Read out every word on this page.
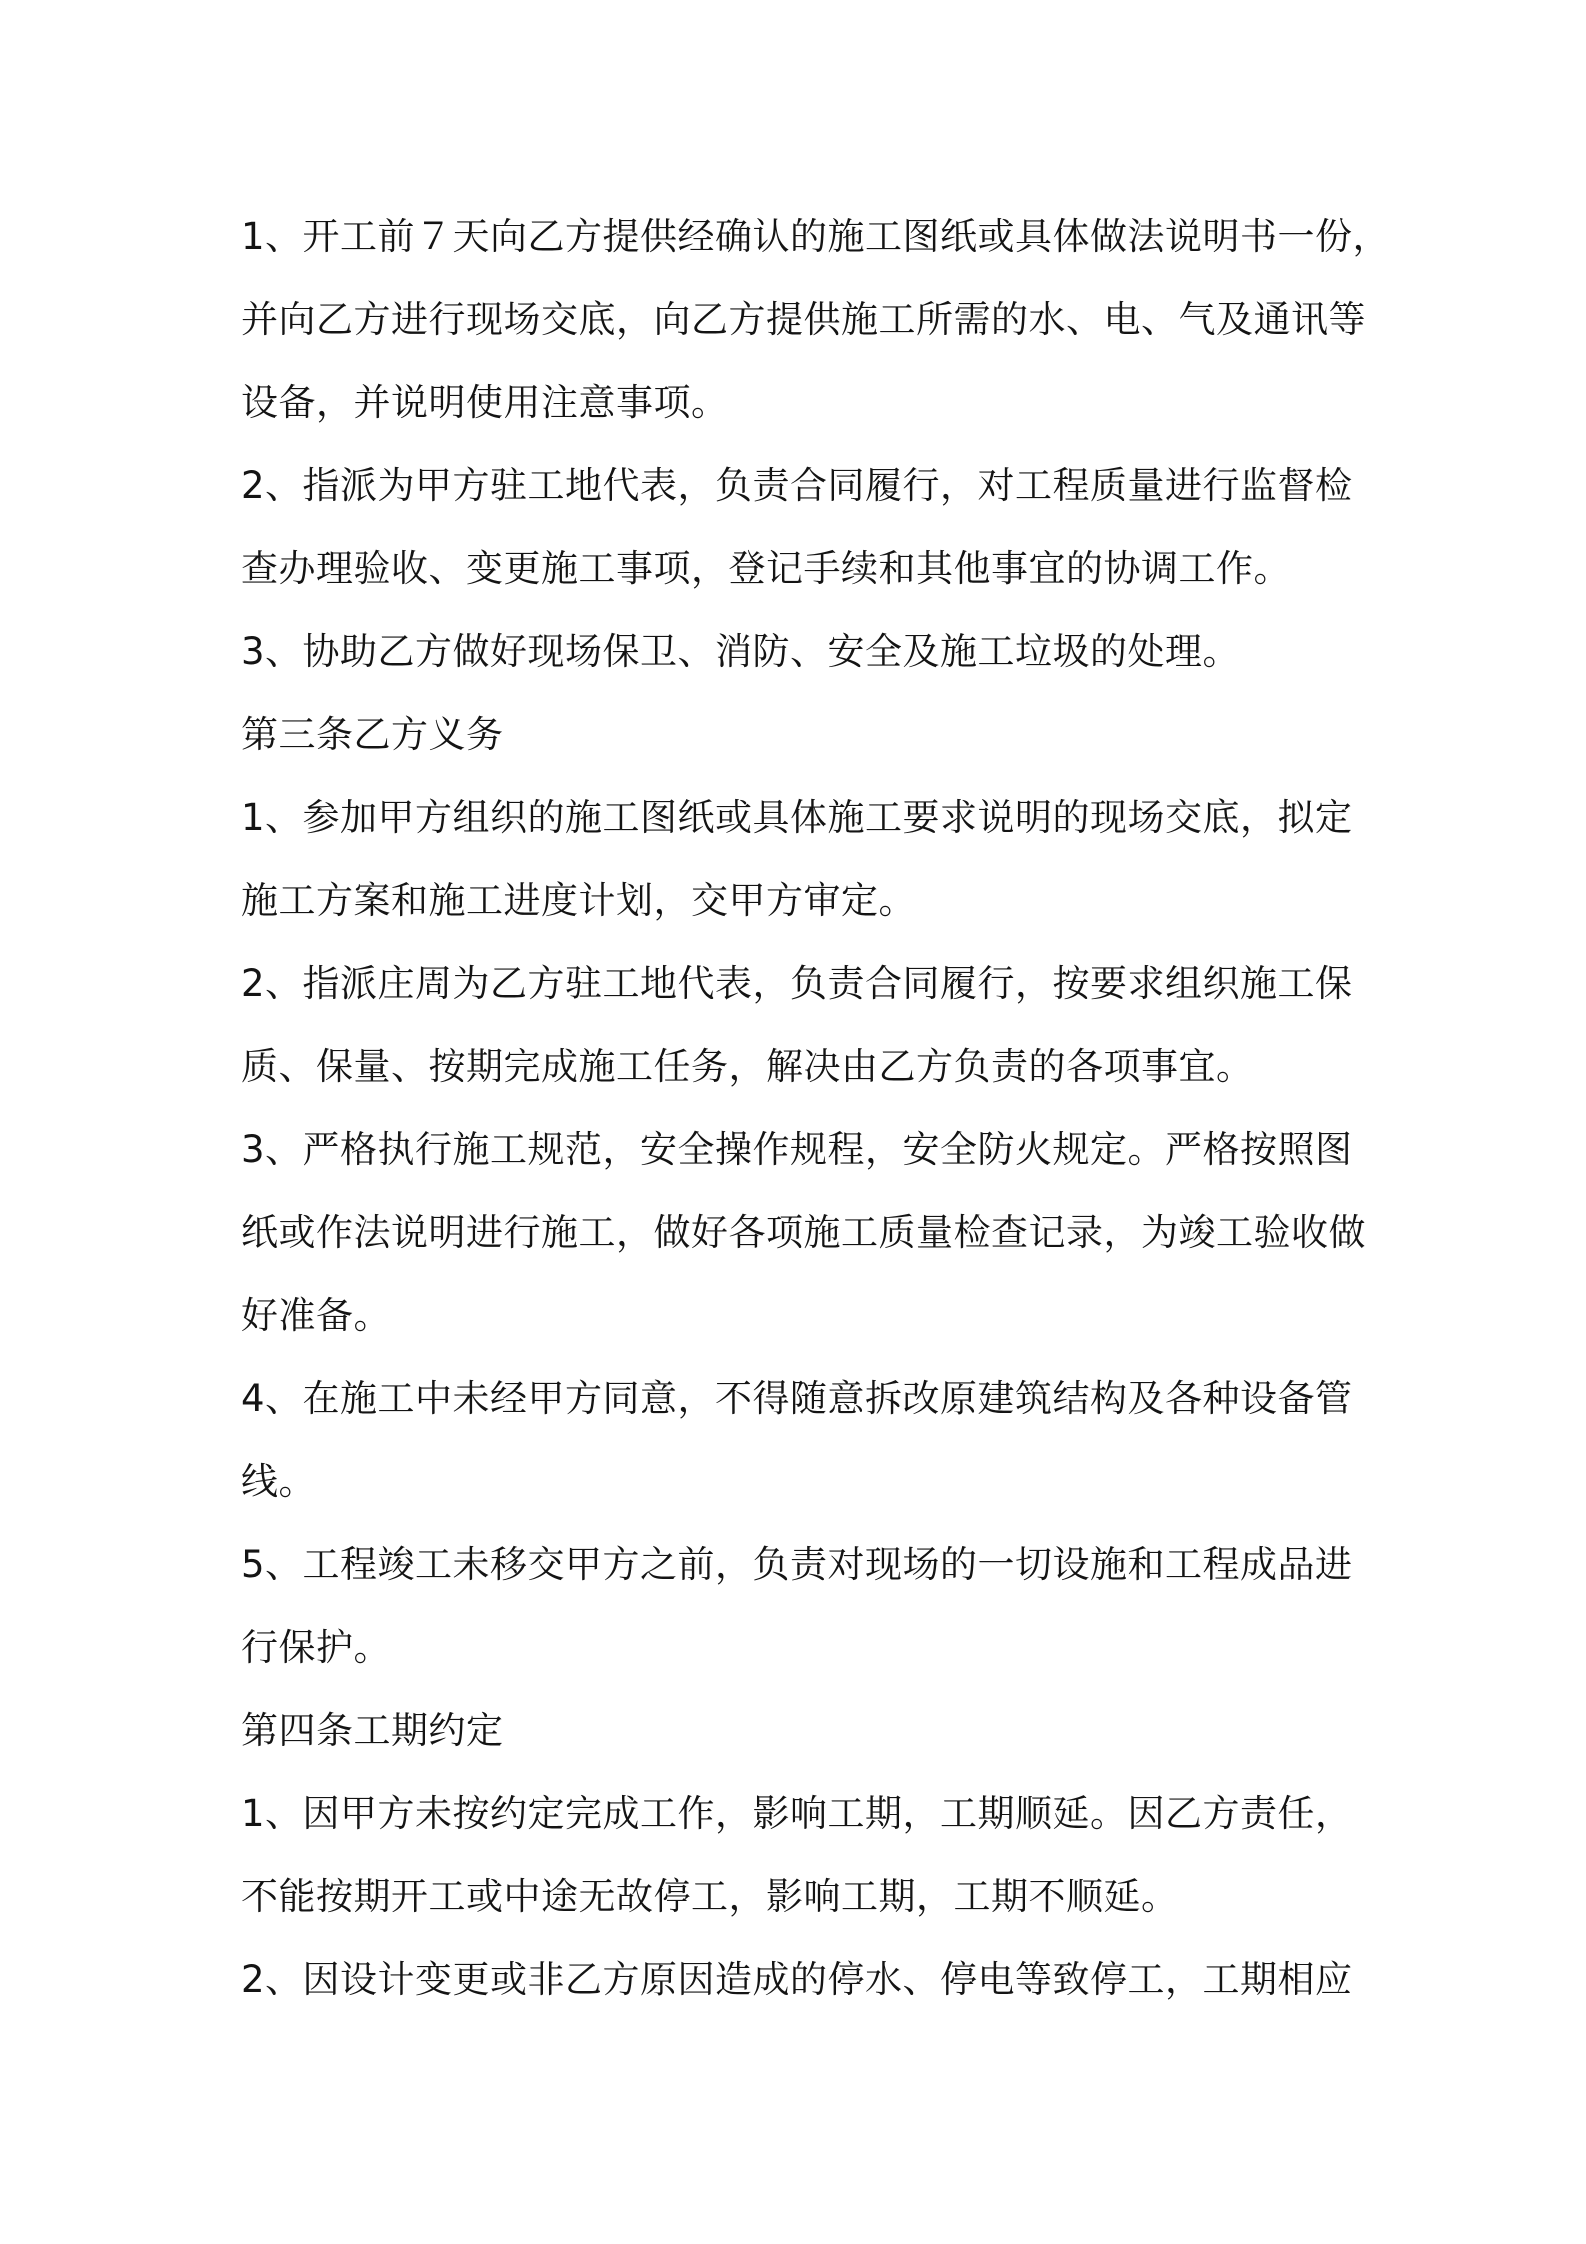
1、开工前７天向乙方提供经确认的施工图纸或具体做法说明书一份，

并向乙方进行现场交底，向乙方提供施工所需的水、电、气及通讯等

设备，并说明使用注意事项。

2、指派为甲方驻工地代表，负责合同履行，对工程质量进行监督检

查办理验收、变更施工事项，登记手续和其他事宜的协调工作。

3、协助乙方做好现场保卫、消防、安全及施工垃圾的处理。

第三条乙方义务

1、参加甲方组织的施工图纸或具体施工要求说明的现场交底，拟定

施工方案和施工进度计划，交甲方审定。

2、指派庄周为乙方驻工地代表，负责合同履行，按要求组织施工保

质、保量、按期完成施工任务，解决由乙方负责的各项事宜。

3、严格执行施工规范，安全操作规程，安全防火规定。严格按照图

纸或作法说明进行施工，做好各项施工质量检查记录，为竣工验收做

好准备。

4、在施工中未经甲方同意，不得随意拆改原建筑结构及各种设备管

线。

5、工程竣工未移交甲方之前，负责对现场的一切设施和工程成品进

行保护。

第四条工期约定

1、因甲方未按约定完成工作，影响工期，工期顺延。因乙方责任，

不能按期开工或中途无故停工，影响工期，工期不顺延。

2、因设计变更或非乙方原因造成的停水、停电等致停工，工期相应
